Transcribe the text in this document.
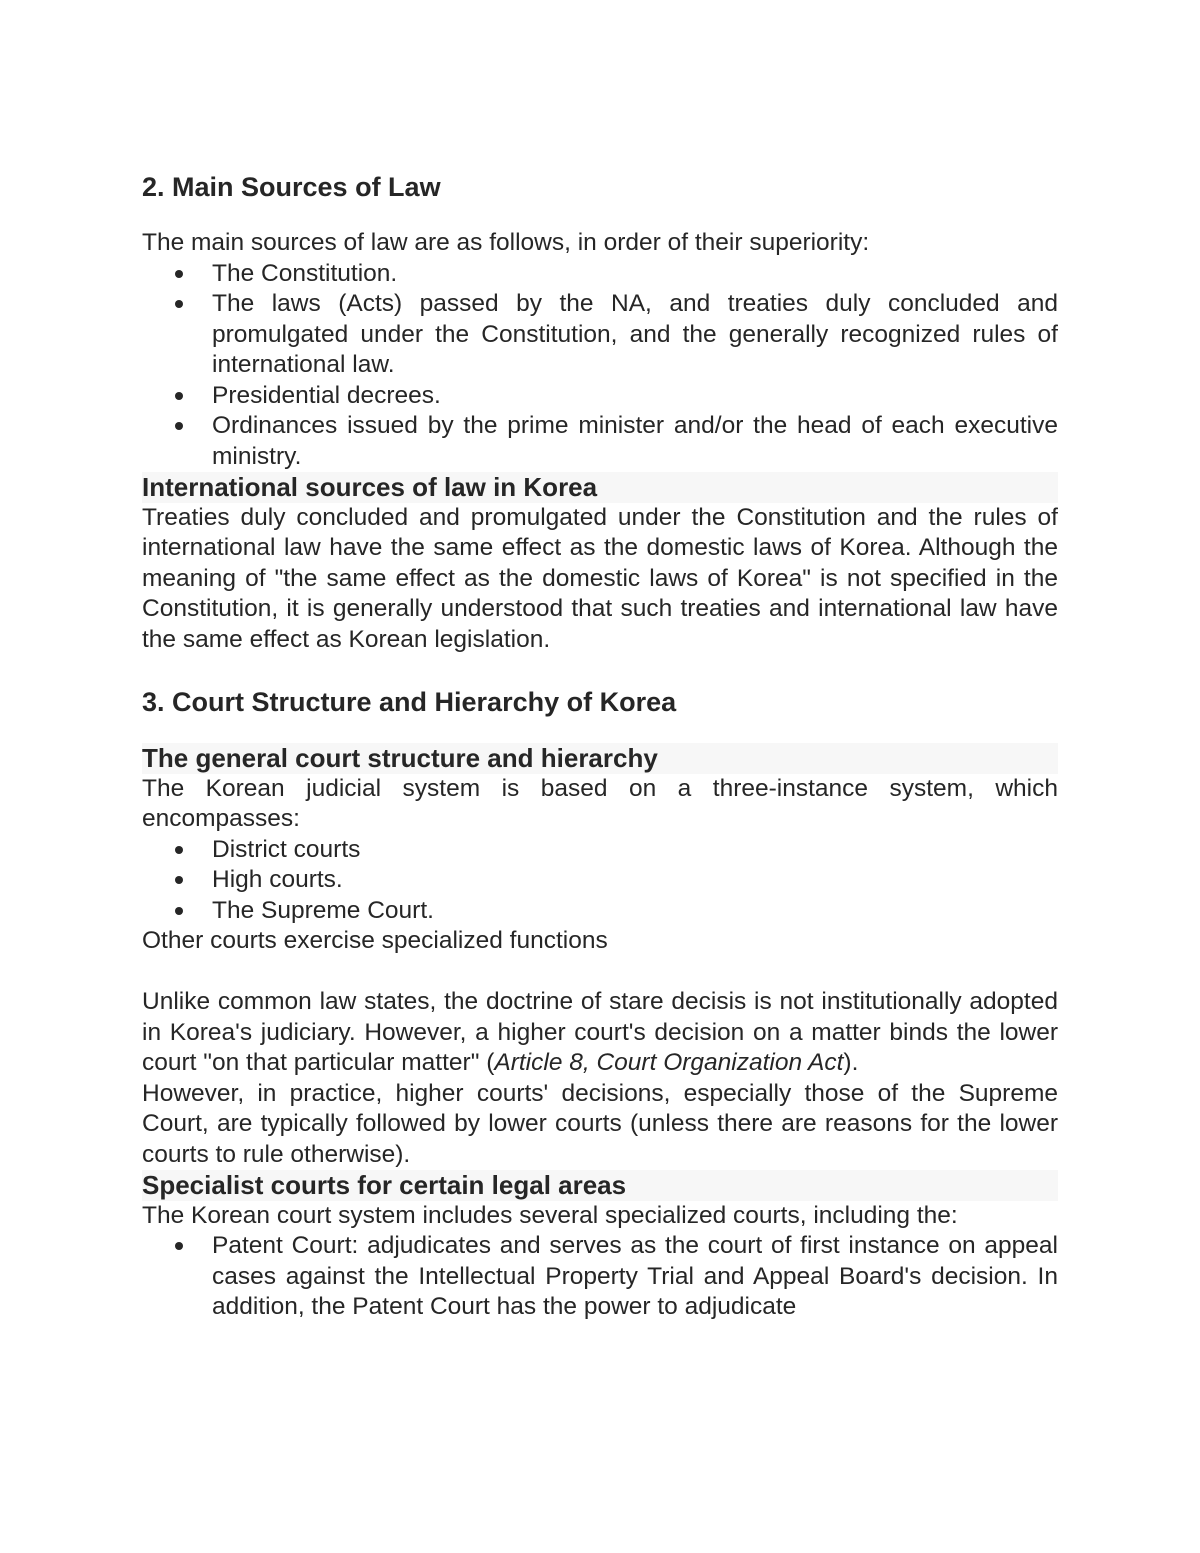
2. Main Sources of Law

The main sources of law are as follows, in order of their superiority:

The Constitution.
The laws (Acts) passed by the NA, and treaties duly concluded and promulgated under the Constitution, and the generally recognized rules of international law.
Presidential decrees.
Ordinances issued by the prime minister and/or the head of each executive ministry.
International sources of law in Korea

Treaties duly concluded and promulgated under the Constitution and the rules of international law have the same effect as the domestic laws of Korea. Although the meaning of "the same effect as the domestic laws of Korea" is not specified in the Constitution, it is generally understood that such treaties and international law have the same effect as Korean legislation.

3. Court Structure and Hierarchy of Korea
The general court structure and hierarchy

The Korean judicial system is based on a three-instance system, which encompasses:

District courts
High courts.
The Supreme Court.

Other courts exercise specialized functions

Unlike common law states, the doctrine of stare decisis is not institutionally adopted in Korea's judiciary. However, a higher court's decision on a matter binds the lower court "on that particular matter" (Article 8, Court Organization Act).

However, in practice, higher courts' decisions, especially those of the Supreme Court, are typically followed by lower courts (unless there are reasons for the lower courts to rule otherwise).

Specialist courts for certain legal areas

The Korean court system includes several specialized courts, including the:

Patent Court: adjudicates and serves as the court of first instance on appeal cases against the Intellectual Property Trial and Appeal Board's decision. In addition, the Patent Court has the power to adjudicate
